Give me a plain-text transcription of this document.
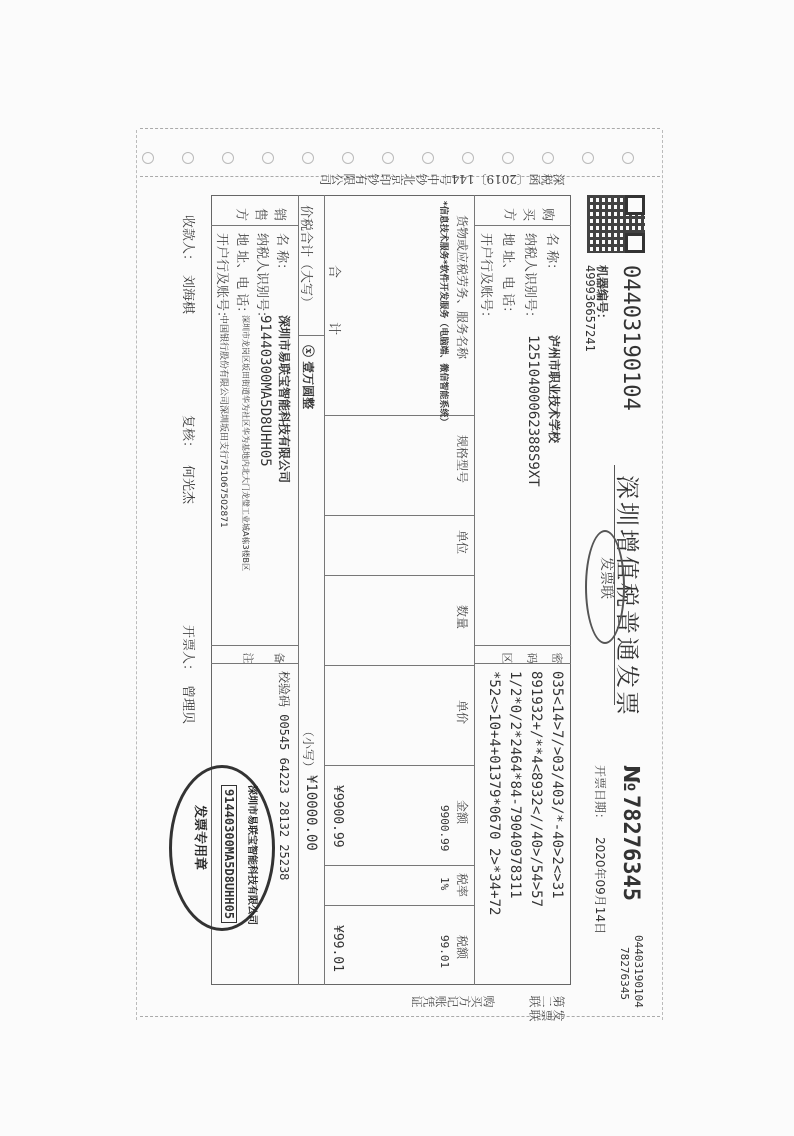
04403190104
机器编号：
499936657241
深圳增值税普通发票
发票联
№
78276345
04403190104
78276345
开票日期：
2020年09月14日
购买方
名 称：
泸州市职业技术学校
纳税人识别号：
12510400062388S9XT
地 址、电 话：
开户行及账号：
密码区
035<14>7/>03/403/*-40>2<>31
891932+/**4<8932<//40>/54>57
1/2*0/2*2464*84-79040978311
*52<>10+4+01379*0670 2>*34+72
货物或应税劳务、服务名称
规格型号
单位
数量
单价
金额
税率
税额
*信息技术服务*软件开发服务（电脑端、微信智能系统）
9900.99
1%
99.01
合 计
¥9900.99
¥99.01
价税合计（大写）
ⓧ 壹万圆整
（小写）
¥10000.00
销售方
名 称：
深圳市易联宝智能科技有限公司
纳税人识别号：
91440300MA5D8UHH05
地 址、电 话：
深圳市龙岗区坂田街道华为社区华为基地内北大门龙璧工业城A栋3楼B区
开户行及账号：
中国银行股份有限公司深圳坂田支行751067502871
备注
校验码 00545 64223 28132 25238
深圳市易联宝智能科技有限公司
91440300MA5D8UHH05
发票专用章
收款人：
刘海棋
复核：
何光杰
开票人：
曾理贝
第二联
发票联
购买方记账凭证
深税函〔2019〕144号中钞北京印钞有限公司
